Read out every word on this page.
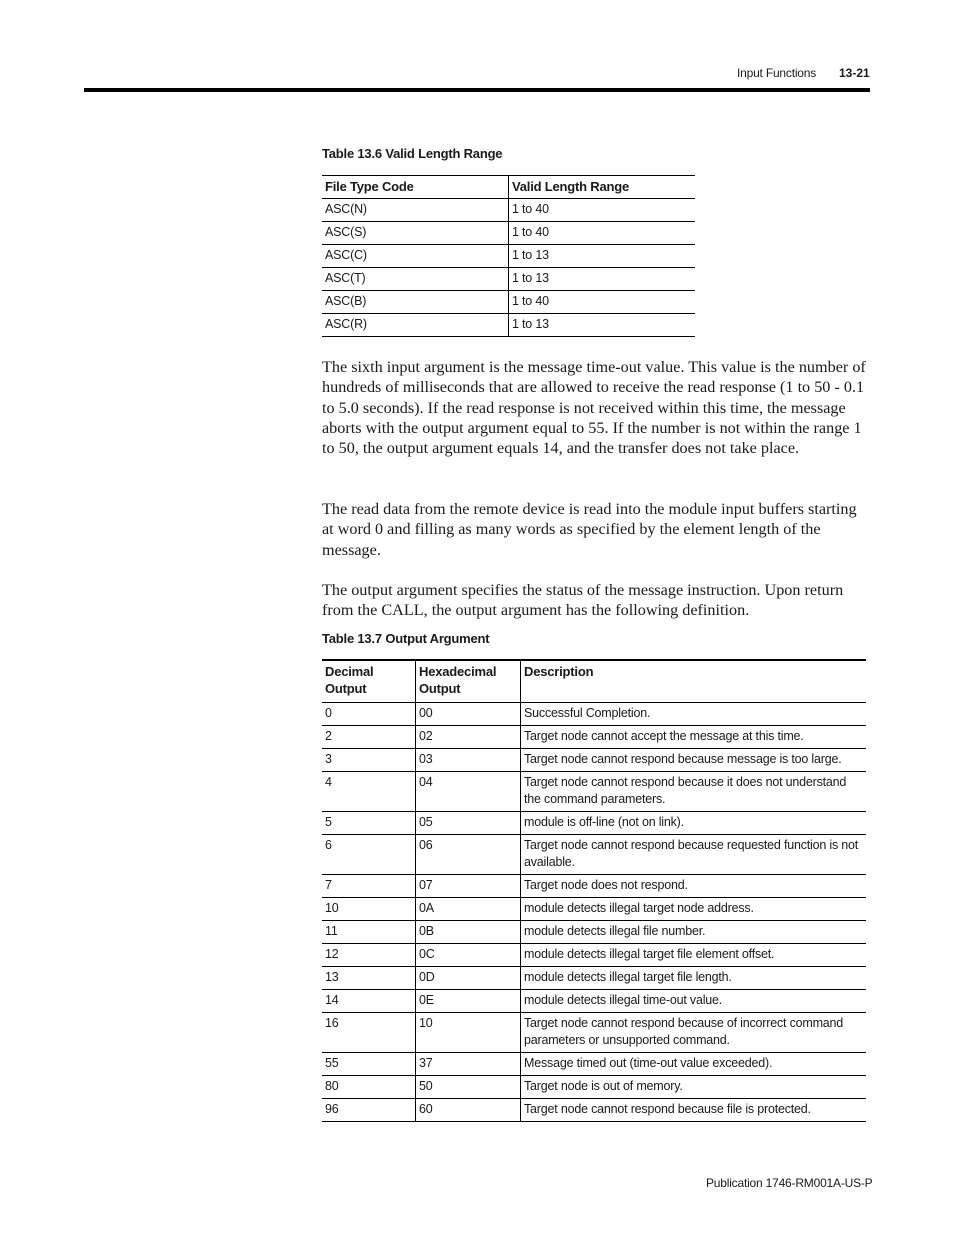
Input Functions 13-21
Table 13.6 Valid Length Range
File Type Code	Valid Length Range
ASC(N)	1 to 40
ASC(S)	1 to 40
ASC(C)	1 to 13
ASC(T)	1 to 13
ASC(B)	1 to 40
ASC(R)	1 to 13

The sixth input argument is the message time-out value. This value is the number of hundreds of milliseconds that are allowed to receive the read response (1 to 50 - 0.1 to 5.0 seconds). If the read response is not received within this time, the message aborts with the output argument equal to 55. If the number is not within the range 1 to 50, the output argument equals 14, and the transfer does not take place.

The read data from the remote device is read into the module input buffers starting at word 0 and filling as many words as specified by the element length of the message.

The output argument specifies the status of the message instruction. Upon return from the CALL, the output argument has the following definition.

Table 13.7 Output Argument
Decimal Output	Hexadecimal Output	Description
0	00	Successful Completion.
2	02	Target node cannot accept the message at this time.
3	03	Target node cannot respond because message is too large.
4	04	Target node cannot respond because it does not understand the command parameters.
5	05	module is off-line (not on link).
6	06	Target node cannot respond because requested function is not available.
7	07	Target node does not respond.
10	0A	module detects illegal target node address.
11	0B	module detects illegal file number.
12	0C	module detects illegal target file element offset.
13	0D	module detects illegal target file length.
14	0E	module detects illegal time-out value.
16	10	Target node cannot respond because of incorrect command parameters or unsupported command.
55	37	Message timed out (time-out value exceeded).
80	50	Target node is out of memory.
96	60	Target node cannot respond because file is protected.
Publication 1746-RM001A-US-P
